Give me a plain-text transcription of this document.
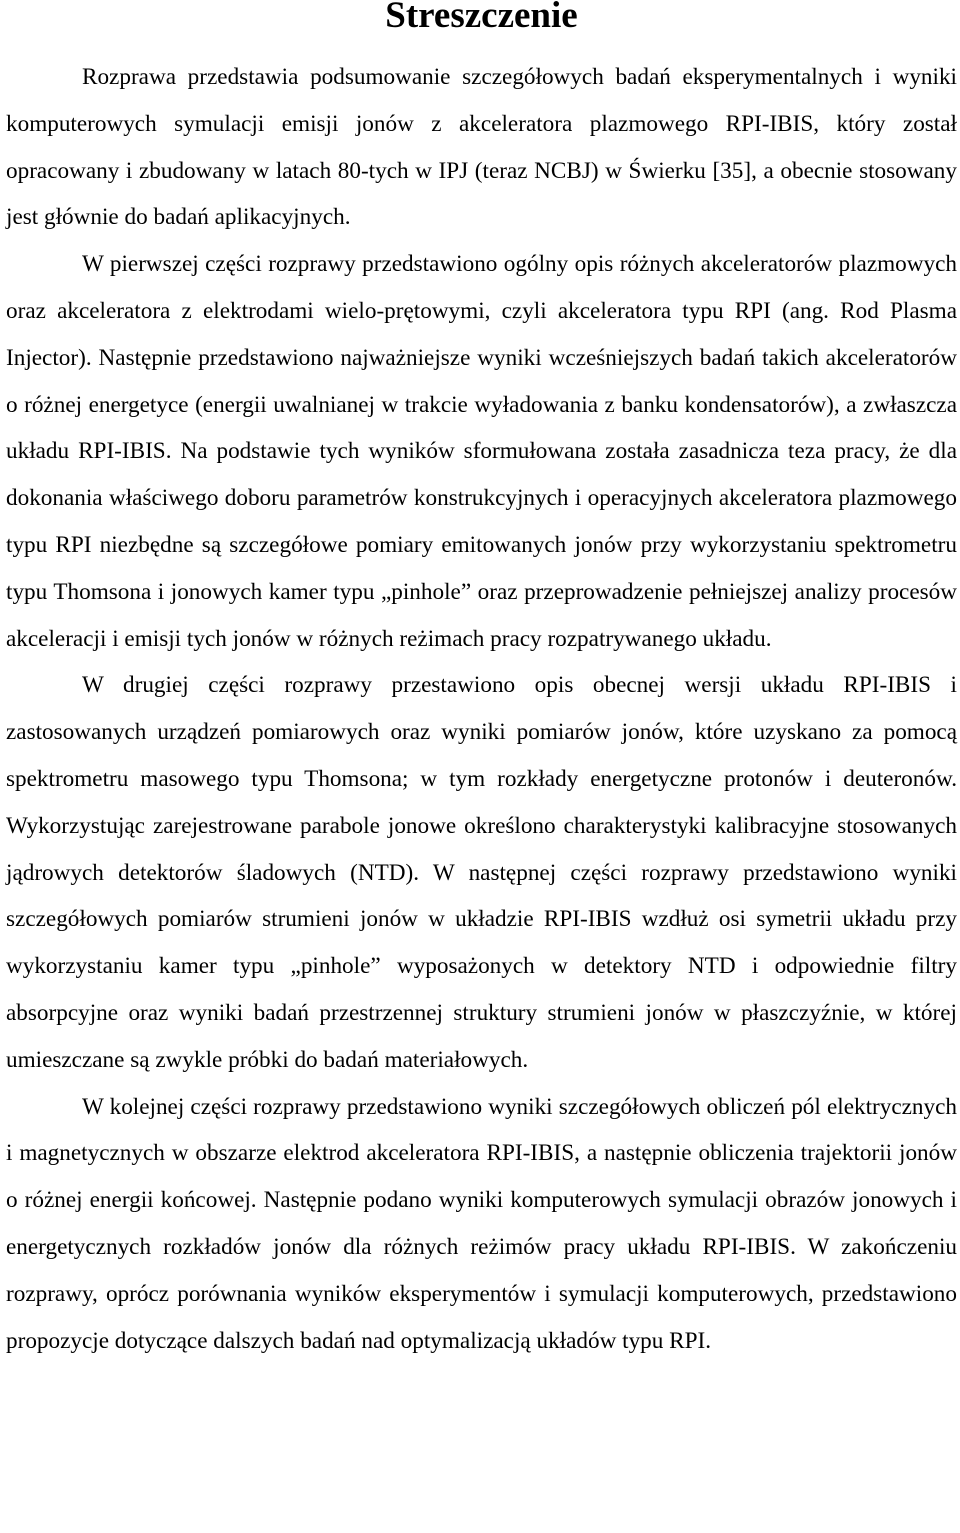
Streszczenie

Rozprawa przedstawia podsumowanie szczegółowych badań eksperymentalnych i wyniki komputerowych symulacji emisji jonów z akceleratora plazmowego RPI-IBIS, który został opracowany i zbudowany w latach 80-tych w IPJ (teraz NCBJ) w Świerku [35], a obecnie stosowany jest głównie do badań aplikacyjnych.

W pierwszej części rozprawy przedstawiono ogólny opis różnych akceleratorów plazmowych oraz akceleratora z elektrodami wielo-prętowymi, czyli akceleratora typu RPI (ang. Rod Plasma Injector). Następnie przedstawiono najważniejsze wyniki wcześniejszych badań takich akceleratorów o różnej energetyce (energii uwalnianej w trakcie wyładowania z banku kondensatorów), a zwłaszcza układu RPI-IBIS. Na podstawie tych wyników sformułowana została zasadnicza teza pracy, że dla dokonania właściwego doboru parametrów konstrukcyjnych i operacyjnych akceleratora plazmowego typu RPI niezbędne są szczegółowe pomiary emitowanych jonów przy wykorzystaniu spektrometru typu Thomsona i jonowych kamer typu „pinhole” oraz przeprowadzenie pełniejszej analizy procesów akceleracji i emisji tych jonów w różnych reżimach pracy rozpatrywanego układu.

W drugiej części rozprawy przestawiono opis obecnej wersji układu RPI-IBIS i zastosowanych urządzeń pomiarowych oraz wyniki pomiarów jonów, które uzyskano za pomocą spektrometru masowego typu Thomsona; w tym rozkłady energetyczne protonów i deuteronów. Wykorzystując zarejestrowane parabole jonowe określono charakterystyki kalibracyjne stosowanych jądrowych detektorów śladowych (NTD). W następnej części rozprawy przedstawiono wyniki szczegółowych pomiarów strumieni jonów w układzie RPI-IBIS wzdłuż osi symetrii układu przy wykorzystaniu kamer typu „pinhole” wyposażonych w detektory NTD i odpowiednie filtry absorpcyjne oraz wyniki badań przestrzennej struktury strumieni jonów w płaszczyźnie, w której umieszczane są zwykle próbki do badań materiałowych.

W kolejnej części rozprawy przedstawiono wyniki szczegółowych obliczeń pól elektrycznych i magnetycznych w obszarze elektrod akceleratora RPI-IBIS, a następnie obliczenia trajektorii jonów o różnej energii końcowej. Następnie podano wyniki komputerowych symulacji obrazów jonowych i energetycznych rozkładów jonów dla różnych reżimów pracy układu RPI-IBIS. W zakończeniu rozprawy, oprócz porównania wyników eksperymentów i symulacji komputerowych, przedstawiono propozycje dotyczące dalszych badań nad optymalizacją układów typu RPI.
